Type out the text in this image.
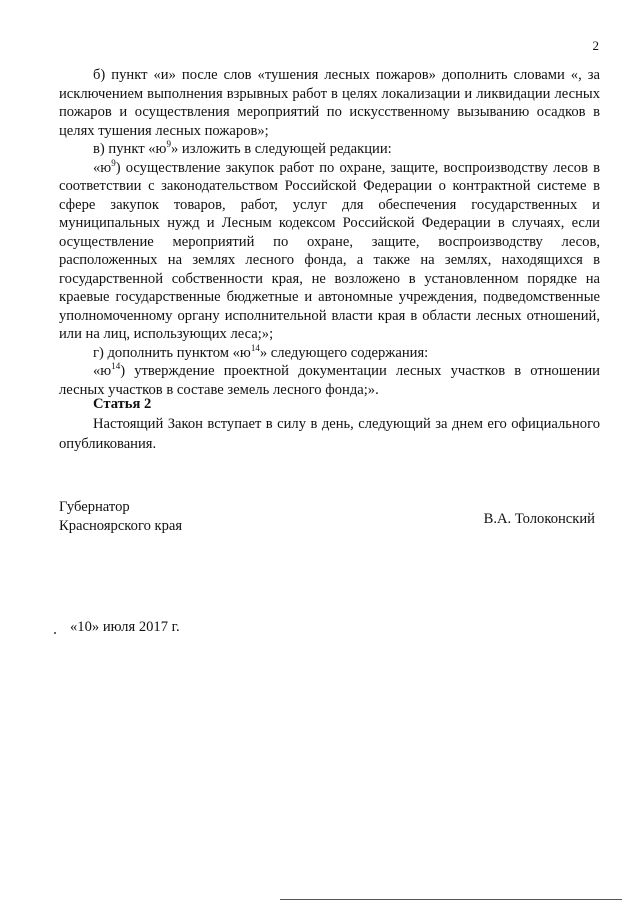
2

б) пункт «и» после слов «тушения лесных пожаров» дополнить словами «, за исключением выполнения взрывных работ в целях локализации и ликвидации лесных пожаров и осуществления мероприятий по искусственному вызыванию осадков в целях тушения лесных пожаров»;

в) пункт «$ю^9$» изложить в следующей редакции:

«$ю^9$) осуществление закупок работ по охране, защите, воспроизводству лесов в соответствии с законодательством Российской Федерации о контрактной системе в сфере закупок товаров, работ, услуг для обеспечения государственных и муниципальных нужд и Лесным кодексом Российской Федерации в случаях, если осуществление мероприятий по охране, защите, воспроизводству лесов, расположенных на землях лесного фонда, а также на землях, находящихся в государственной собственности края, не возложено в установленном порядке на краевые государственные бюджетные и автономные учреждения, подведомственные уполномоченному органу исполнительной власти края в области лесных отношений, или на лиц, использующих леса;»;

г) дополнить пунктом «$ю^{14}$» следующего содержания:

«$ю^{14}$) утверждение проектной документации лесных участков в отношении лесных участков в составе земель лесного фонда;».

Статья 2

Настоящий Закон вступает в силу в день, следующий за днем его официального опубликования.

Губернатор
Красноярского края	В.А. Толоконский
«10» июля 2017 г.
